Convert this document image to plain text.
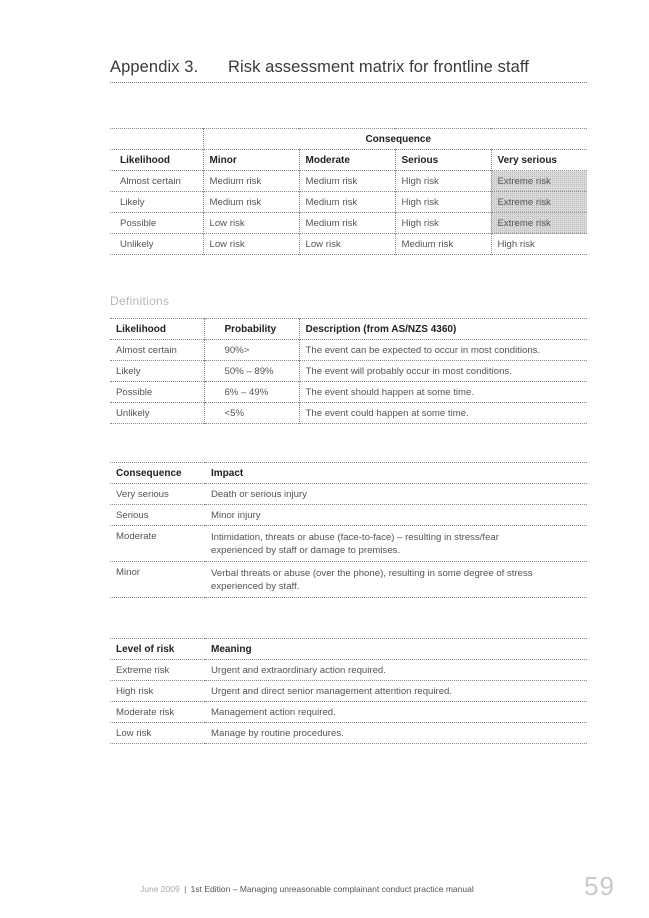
Appendix 3. Risk assessment matrix for frontline staff
	Consequence			
Likelihood	Minor	Moderate	Serious	Very serious
Almost certain	Medium risk	Medium risk	High risk	Extreme risk
Likely	Medium risk	Medium risk	High risk	Extreme risk
Possible	Low risk	Medium risk	High risk	Extreme risk
Unlikely	Low risk	Low risk	Medium risk	High risk
Definitions
Likelihood	Probability	Description (from AS/NZS 4360)
Almost certain	90%>	The event can be expected to occur in most conditions.
Likely	50% – 89%	The event will probably occur in most conditions.
Possible	6% – 49%	The event should happen at some time.
Unlikely	<5%	The event could happen at some time.
Consequence	Impact
Very serious	Death or serious injury
Serious	Minor injury
Moderate	Intimidation, threats or abuse (face-to-face) – resulting in stress/fear experienced by staff or damage to premises.
Minor	Verbal threats or abuse (over the phone), resulting in some degree of stress experienced by staff.
Level of risk	Meaning
Extreme risk	Urgent and extraordinary action required.
High risk	Urgent and direct senior management attention required.
Moderate risk	Management action required.
Low risk	Manage by routine procedures.
June 2009 | 1st Edition – Managing unreasonable complainant conduct practice manual	59
